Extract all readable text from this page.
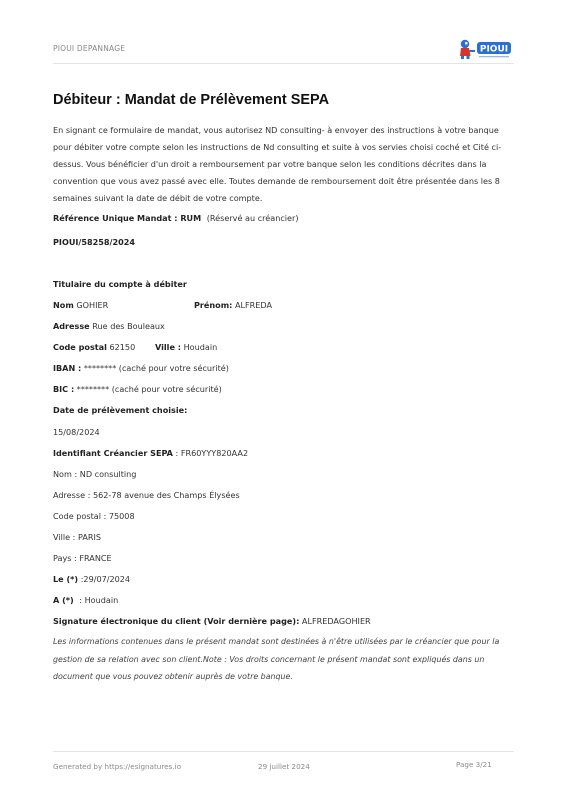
PIOUI DEPANNAGE	PIOUI
Débiteur : Mandat de Prélèvement SEPA
En signant ce formulaire de mandat, vous autorisez ND consulting- à envoyer des instructions à votre banque pour débiter votre compte selon les instructions de Nd consulting et suite à vos servies choisi coché et Cité ci-dessus. Vous bénéficier d'un droit a remboursement par votre banque selon les conditions décrites dans la convention que vous avez passé avec elle. Toutes demande de remboursement doit être présentée dans les 8 semaines suivant la date de débit de votre compte.
Référence Unique Mandat : RUM (Réservé au créancier)
PIOUI/58258/2024
Titulaire du compte à débiter
Nom GOHIER	Prénom: ALFREDA
Adresse Rue des Bouleaux
Code postal 62150 Ville : Houdain
IBAN : ******** (caché pour votre sécurité)
BIC : ******** (caché pour votre sécurité)
Date de prélèvement choisie:
15/08/2024
Identifiant Créancier SEPA : FR60YYY820AA2
Nom : ND consulting
Adresse : 562-78 avenue des Champs Élysées
Code postal : 75008
Ville : PARIS
Pays : FRANCE
Le (*) :29/07/2024
A (*) : Houdain
Signature électronique du client (Voir dernière page): ALFREDAGOHIER
Les informations contenues dans le présent mandat sont destinées à n'être utilisées par le créancier que pour la gestion de sa relation avec son client.Note : Vos droits concernant le présent mandat sont expliqués dans un document que vous pouvez obtenir auprès de votre banque.
Generated by https://esignatures.io	29 juillet 2024	Page 3/21
